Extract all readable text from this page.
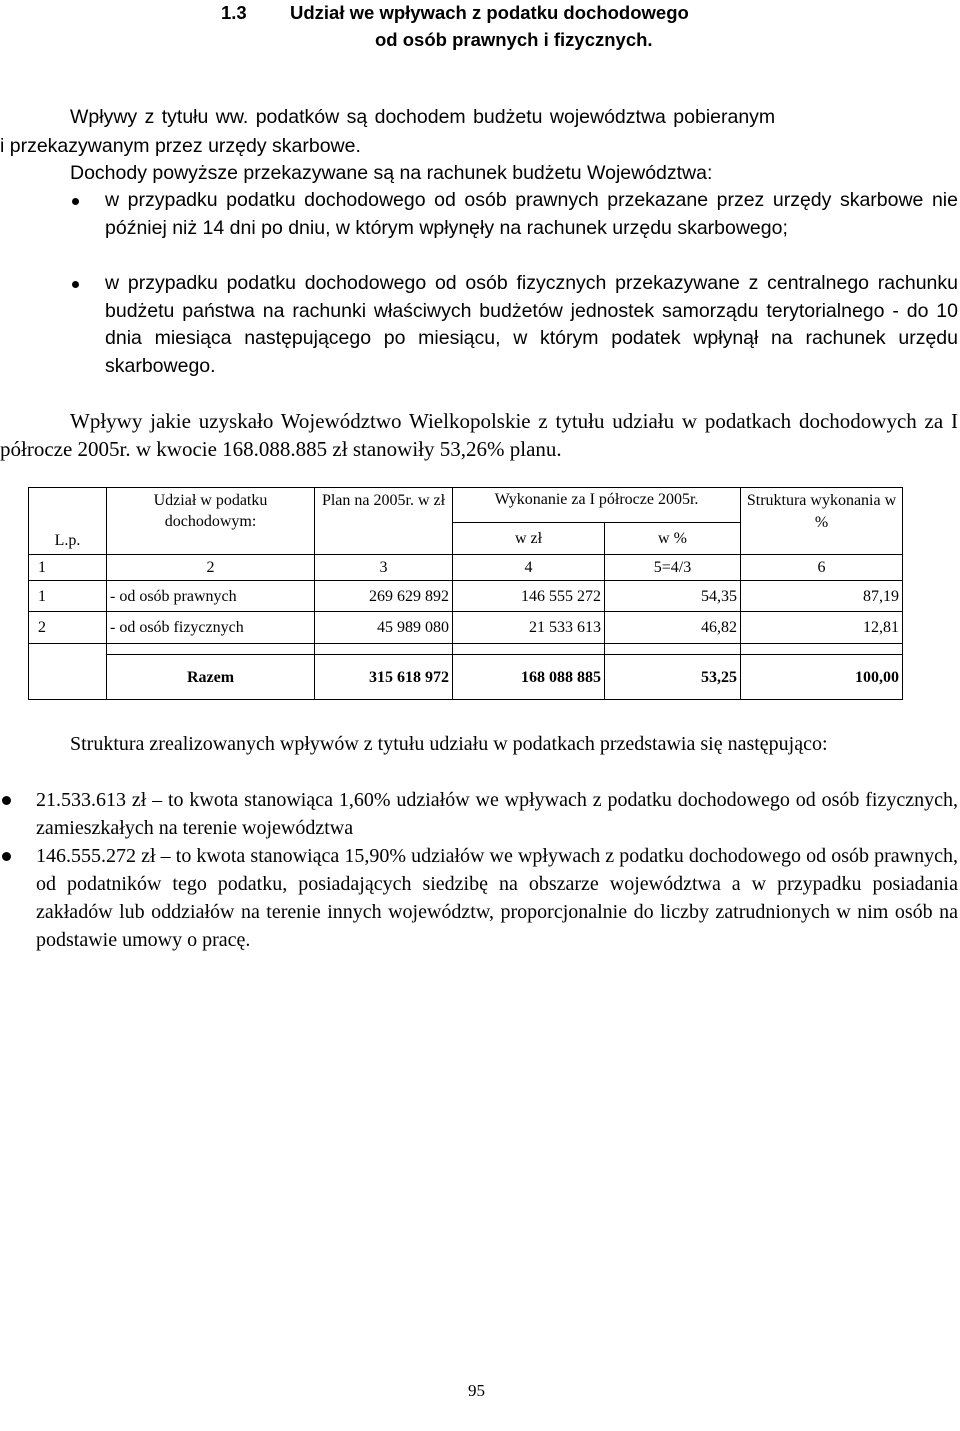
1.3 Udział we wpływach z podatku dochodowego
od osób prawnych i fizycznych.
Wpływy z tytułu ww. podatków są dochodem budżetu województwa pobieranym
i przekazywanym przez urzędy skarbowe.
Dochody powyższe przekazywane są na rachunek budżetu Województwa:
w przypadku podatku dochodowego od osób prawnych przekazane przez urzędy skarbowe nie później niż 14 dni po dniu, w którym wpłynęły na rachunek urzędu skarbowego;
w przypadku podatku dochodowego od osób fizycznych przekazywane z centralnego rachunku budżetu państwa na rachunki właściwych budżetów jednostek samorządu terytorialnego - do 10 dnia miesiąca następującego po miesiącu, w którym podatek wpłynął na rachunek urzędu skarbowego.
Wpływy jakie uzyskało Województwo Wielkopolskie z tytułu udziału w podatkach dochodowych za I półrocze 2005r. w kwocie 168.088.885 zł stanowiły 53,26% planu.
L.p.	Udział w podatku dochodowym:	Plan na 2005r. w zł	Wykonanie za I półrocze 2005r.		Struktura wykonania w %
			w zł	w %	
1	2	3	4	5=4/3	6
1	- od osób prawnych	269 629 892	146 555 272	54,35	87,19
2	- od osób fizycznych	45 989 080	21 533 613	46,82	12,81

	Razem	315 618 972	168 088 885	53,25	100,00
Struktura zrealizowanych wpływów z tytułu udziału w podatkach przedstawia się następująco:
21.533.613 zł – to kwota stanowiąca 1,60% udziałów we wpływach z podatku dochodowego od osób fizycznych, zamieszkałych na terenie województwa
146.555.272 zł – to kwota stanowiąca 15,90% udziałów we wpływach z podatku dochodowego od osób prawnych, od podatników tego podatku, posiadających siedzibę na obszarze województwa a w przypadku posiadania zakładów lub oddziałów na terenie innych województw, proporcjonalnie do liczby zatrudnionych w nim osób na podstawie umowy o pracę.
95
